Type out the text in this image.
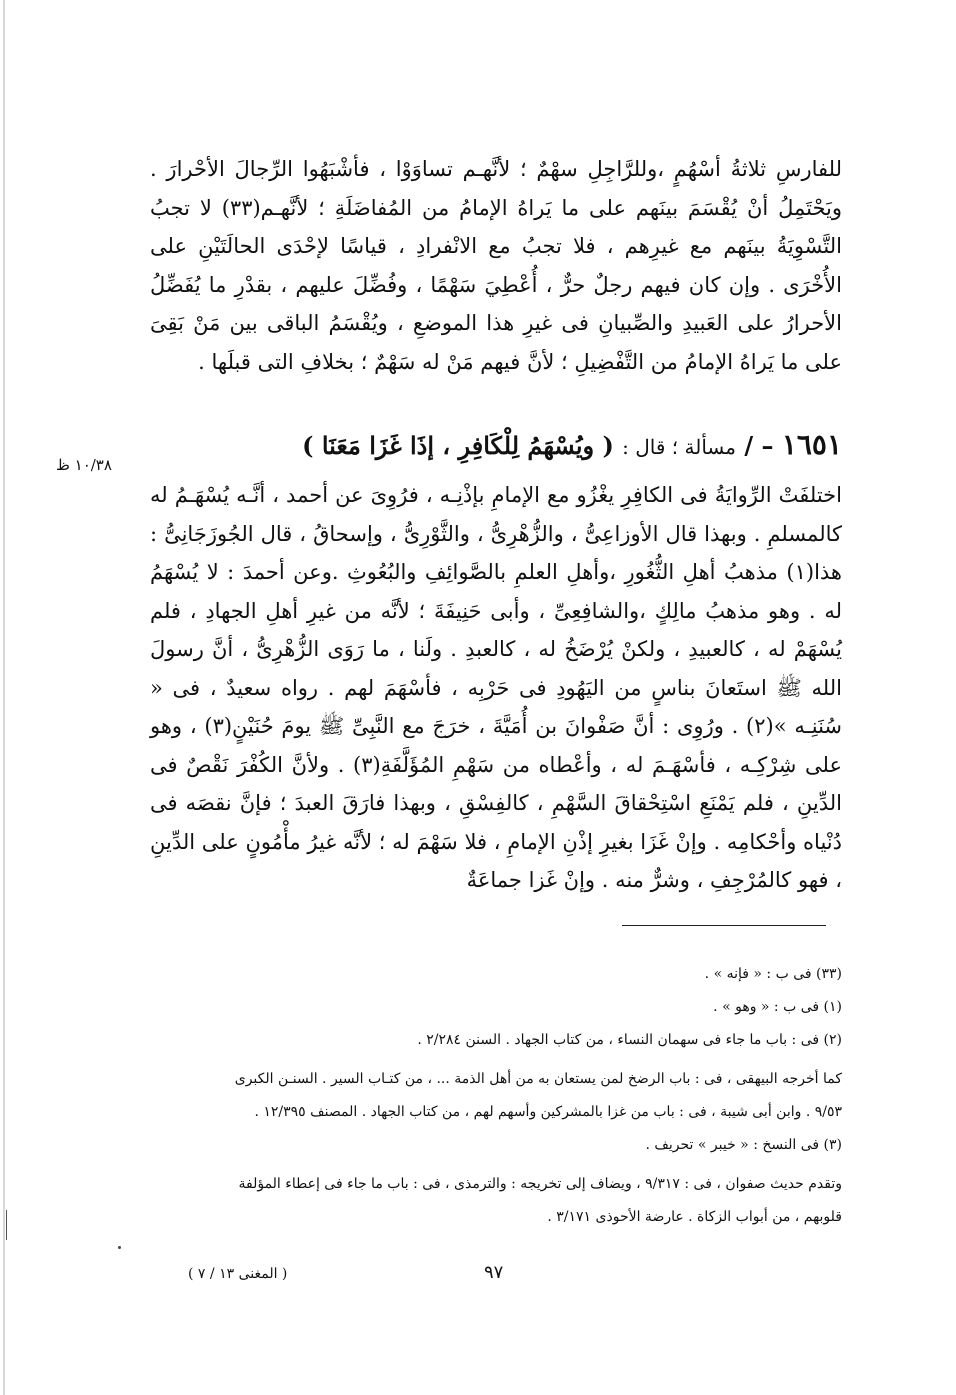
للفارسِ ثلاثةُ أسْهُمٍ ،وللرَّاجِلِ سهْمٌ ؛ لأنَّهـم تساوَوْا ، فأشْبَهُوا الرِّجالَ الأحْرارَ . ويَحْتَمِلُ أنْ يُقْسَمَ بينَهم على ما يَراهُ الإمامُ من المُفاضَلَةِ ؛ لأنَّهـم(٣٣) لا تجبُ التَّسْوِيَةُ بينَهم مع غيرِهم ، فلا تجبُ مع الانْفرادِ ، قياسًا لإحْدَى الحالَتَيْنِ على الأُخْرَى . وإن كان فيهم رجلٌ حرٌّ ، أُعْطِيَ سَهْمًا ، وفُضِّلَ عليهم ، بقدْرِ ما يُفَضِّلُ الأحرارُ على العَبيدِ والصِّبيانِ فى غيرِ هذا الموضعِ ، ويُقْسَمُ الباقى بين مَنْ بَقِىَ على ما يَراهُ الإمامُ من التَّفْضِيلِ ؛ لأنَّ فيهم مَنْ له سَهْمٌ ؛ بخلافِ التى قبلَها .

١٦٥١ – / مسألة ؛ قال : ( ويُسْهَمُ لِلْكَافِرِ ، إذَا غَزَا مَعَنَا )
١٠/٣٨ ظ

اختلفَتْ الرِّوايَةُ فى الكافِرِ يغْزُو مع الإمامِ بإذْنِـه ، فرُوِىَ عن أحمد ، أنَّـه يُسْهَـمُ له كالمسلمِ . وبهذا قال الأوزاعِىُّ ، والزُّهْرِىُّ ، والثَّوْرِىُّ ، وإسحاقُ ، قال الجُوزَجَانِىُّ : هذا(١) مذهبُ أهلِ الثُّغُورِ ،وأهلِ العلمِ بالصَّوائِفِ والبُعُوثِ .وعن أحمدَ : لا يُسْهَمُ له . وهو مذهبُ مالِكٍ ،والشافِعِىِّ ، وأبى حَنِيفَةَ ؛ لأنَّه من غيرِ أهلِ الجهادِ ، فلم يُسْهَمْ له ، كالعبيدِ ، ولكنْ يُرْضَخُ له ، كالعبدِ . ولَنا ، ما رَوَى الزُّهْرِىُّ ، أنَّ رسولَ الله ﷺ استَعانَ بناسٍ من اليَهُودِ فى حَرْبِه ، فأسْهَمَ لهم . رواه سعيدٌ ، فى « سُنَنِـه »(٢) . ورُوِى : أنَّ صَفْوانَ بن أُمَيَّةَ ، خرَجَ مع النَّبِىِّ ﷺ يومَ حُنَيْنٍ(٣) ، وهو على شِرْكِـه ، فأسْهَـمَ له ، وأعْطاه من سَهْمِ المُؤَلَّفَةِ(٣) . ولأنَّ الكُفْرَ نَقْصٌ فى الدِّينِ ، فلم يَمْنَعِ اسْتِحْقاقَ السَّهْمِ ، كالفِسْقِ ، وبهذا فارَقَ العبدَ ؛ فإنَّ نقصَه فى دُنْياه وأحْكامِه . وإنْ غَزَا بغيرِ إذْنِ الإمامِ ، فلا سَهْمَ له ؛ لأنَّه غيرُ مأْمُونٍ على الدِّينِ ، فهو كالمُرْجِفِ ، وشرٌّ منه . وإنْ غَزا جماعَةٌ

(٣٣) فى ب : « فإنه » .

(١) فى ب : « وهو » .

(٢) فى : باب ما جاء فى سهمان النساء ، من كتاب الجهاد . السنن ٢/٢٨٤ .

كما أخرجه البيهقى ، فى : باب الرضخ لمن يستعان به من أهل الذمة ... ، من كتـاب السير . السنـن الكبرى

٩/٥٣ . وابن أبى شيبة ، فى : باب من غزا بالمشركين وأسهم لهم ، من كتاب الجهاد . المصنف ١٢/٣٩٥ .

(٣) فى النسخ : « خيبر » تحريف .

وتقدم حديث صفوان ، فى : ٩/٣١٧ ، ويضاف إلى تخريجه : والترمذى ، فى : باب ما جاء فى إعطاء المؤلفة

قلوبهم ، من أبواب الزكاة . عارضة الأحوذى ٣/١٧١ .

٩٧
( المغنى ١٣ / ٧ )
